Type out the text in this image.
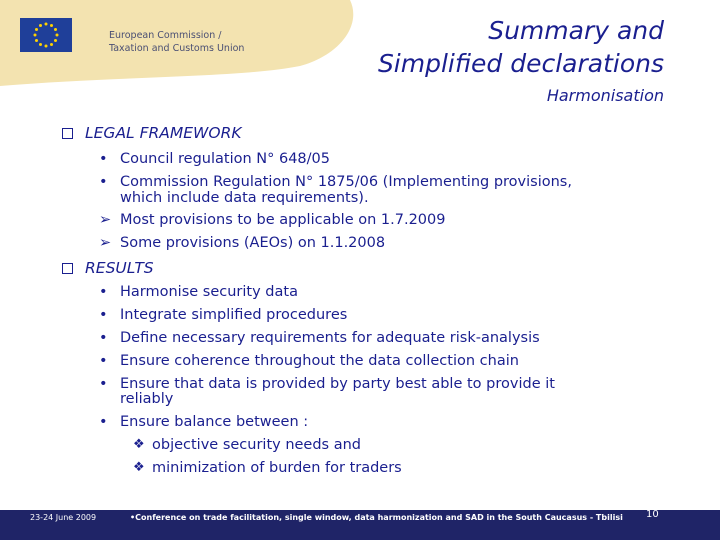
European Commission /
Taxation and Customs Union
Summary and
Simplified declarations
Harmonisation
LEGAL FRAMEWORK
• Council regulation N° 648/05
• Commission Regulation N° 1875/06 (Implementing provisions,
which include data requirements).
➢ Most provisions to be applicable on 1.7.2009
➢ Some provisions (AEOs) on 1.1.2008
RESULTS
• Harmonise security data
• Integrate simplified procedures
• Define necessary requirements for adequate risk-analysis
• Ensure coherence throughout the data collection chain
• Ensure that data is provided by party best able to provide it
reliably
• Ensure balance between :
❖ objective security needs and
❖ minimization of burden for traders
23-24 June 2009	•Conference on trade facilitation, single window, data harmonization and SAD in the South Caucasus - Tbilisi 10
